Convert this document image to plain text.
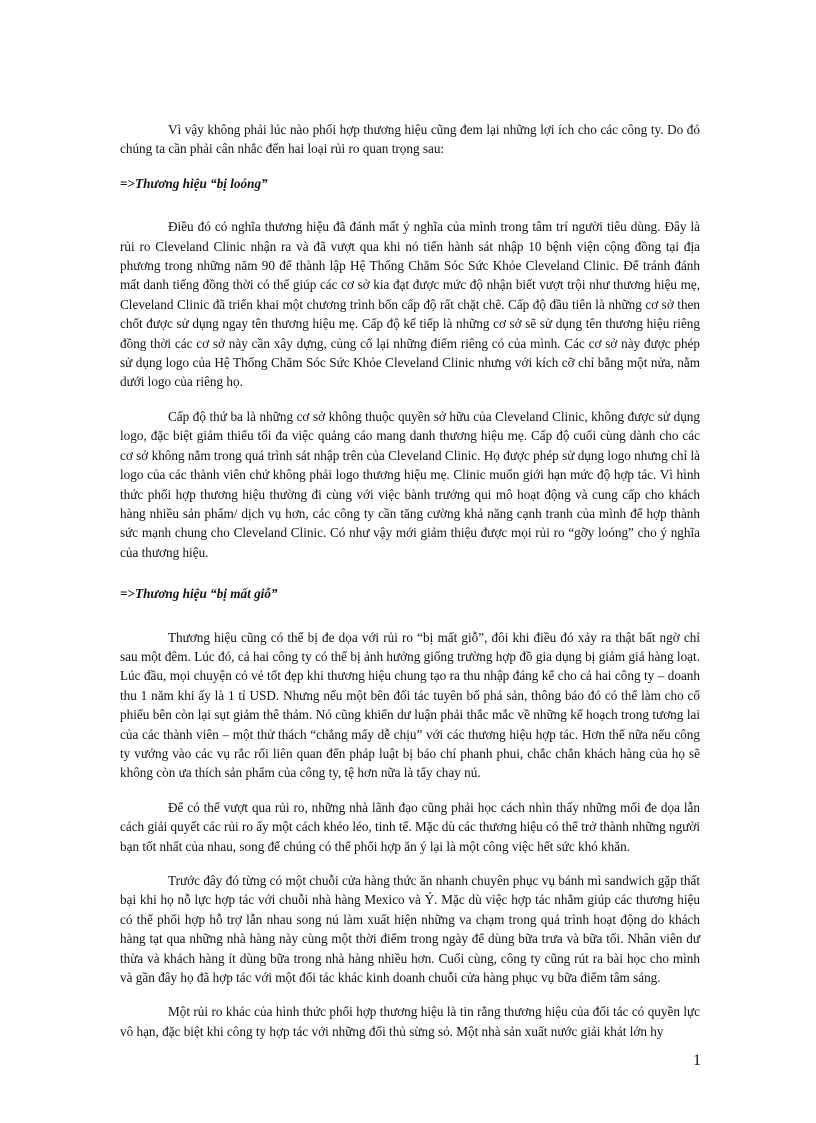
Vì vậy không phải lúc nào phối hợp thương hiệu cũng đem lại những lợi ích cho các công ty. Do đó chúng ta cần phải cân nhắc đến hai loại rủi ro quan trọng sau:

=>Thương hiệu “bị loóng”

Điều đó có nghĩa thương hiệu đã đánh mất ý nghĩa của mình trong tâm trí người tiêu dùng. Đây là rủi ro Cleveland Clinic nhận ra và đã vượt qua khi nó tiến hành sát nhập 10 bệnh viện cộng đồng tại địa phương trong những năm 90 để thành lập Hệ Thống Chăm Sóc Sức Khỏe Cleveland Clinic. Để tránh đánh mất danh tiếng đồng thời có thể giúp các cơ sở kia đạt được mức độ nhận biết vượt trội như thương hiệu mẹ, Cleveland Clinic đã triển khai một chương trình bốn cấp độ rất chặt chẽ. Cấp độ đầu tiên là những cơ sở then chốt được sử dụng ngay tên thương hiệu mẹ. Cấp độ kế tiếp là những cơ sở sẽ sử dụng tên thương hiệu riêng đồng thời các cơ sở này cần xây dựng, củng cố lại những điểm riêng có của mình. Các cơ sở này được phép sử dụng logo của Hệ Thống Chăm Sóc Sức Khỏe Cleveland Clinic nhưng với kích cỡ chỉ bằng một nửa, nằm dưới logo của riêng họ.

Cấp độ thứ ba là những cơ sở không thuộc quyền sở hữu của Cleveland Clinic, không được sử dụng logo, đặc biệt giảm thiểu tối đa việc quảng cáo mang danh thương hiệu mẹ. Cấp độ cuối cùng dành cho các cơ sở không nằm trong quá trình sát nhập trên của Cleveland Clinic. Họ được phép sử dụng logo nhưng chỉ là logo của các thành viên chứ không phải logo thương hiệu mẹ. Clinic muốn giới hạn mức độ hợp tác. Vì hình thức phối hợp thương hiệu thường đi cùng với việc bành trướng qui mô hoạt động và cung cấp cho khách hàng nhiều sản phẩm/ dịch vụ hơn, các công ty cần tăng cường khả năng cạnh tranh của mình để hợp thành sức mạnh chung cho Cleveland Clinic. Có như vậy mới giảm thiệu được mọi rủi ro “gỡy loóng” cho ý nghĩa của thương hiệu.

=>Thương hiệu “bị mất giỗ”

Thương hiệu cũng có thể bị đe dọa với rủi ro “bị mất giỗ”, đôi khi điều đó xảy ra thật bất ngờ chỉ sau một đêm. Lúc đó, cả hai công ty có thể bị ảnh hưởng giống trường hợp đồ gia dụng bị giảm giá hàng loạt. Lúc đầu, mọi chuyện có vẻ tốt đẹp khi thương hiệu chung tạo ra thu nhập đáng kể cho cả hai công ty – doanh thu 1 năm khi ấy là 1 tỉ USD. Nhưng nếu một bên đối tác tuyên bố phá sản, thông báo đó có thể làm cho cổ phiếu bên còn lại sụt giảm thê thảm. Nó cũng khiến dư luận phải thắc mắc về những kế hoạch trong tương lai của các thành viên – một thử thách “chẳng mấy dễ chịu” với các thương hiệu hợp tác. Hơn thế nữa nếu công ty vướng vào các vụ rắc rối liên quan đến pháp luật bị báo chí phanh phui, chắc chắn khách hàng của họ sẽ không còn ưa thích sản phẩm của công ty, tệ hơn nữa là tẩy chay nú.

Để có thể vượt qua rủi ro, những nhà lãnh đạo cũng phải học cách nhìn thấy những mối đe dọa lẫn cách giải quyết các rủi ro ấy một cách khéo léo, tinh tế. Mặc dù các thương hiệu có thể trở thành những người bạn tốt nhất của nhau, song để chúng có thể phối hợp ăn ý lại là một công việc hết sức khó khăn.

Trước đây đó từng có một chuỗi cửa hàng thức ăn nhanh chuyên phục vụ bánh mì sandwich gặp thất bại khi họ nỗ lực hợp tác với chuỗi nhà hàng Mexico và Ý. Mặc dù việc hợp tác nhằm giúp các thương hiệu có thể phối hợp hỗ trợ lẫn nhau song nú làm xuất hiện những va chạm trong quá trình hoạt động do khách hàng tạt qua những nhà hàng này cùng một thời điểm trong ngày để dùng bữa trưa và bữa tối. Nhân viên dư thừa và khách hàng ít dùng bữa trong nhà hàng nhiều hơn. Cuối cùng, công ty cũng rút ra bài học cho mình và gần đây họ đã hợp tác với một đối tác khác kinh doanh chuỗi cửa hàng phục vụ bữa điểm tâm sáng.

Một rủi ro khác của hình thức phối hợp thương hiệu là tin rằng thương hiệu của đối tác có quyền lực vô hạn, đặc biệt khi công ty hợp tác với những đối thủ sừng sỏ. Một nhà sản xuất nước giải khát lớn hy

1
